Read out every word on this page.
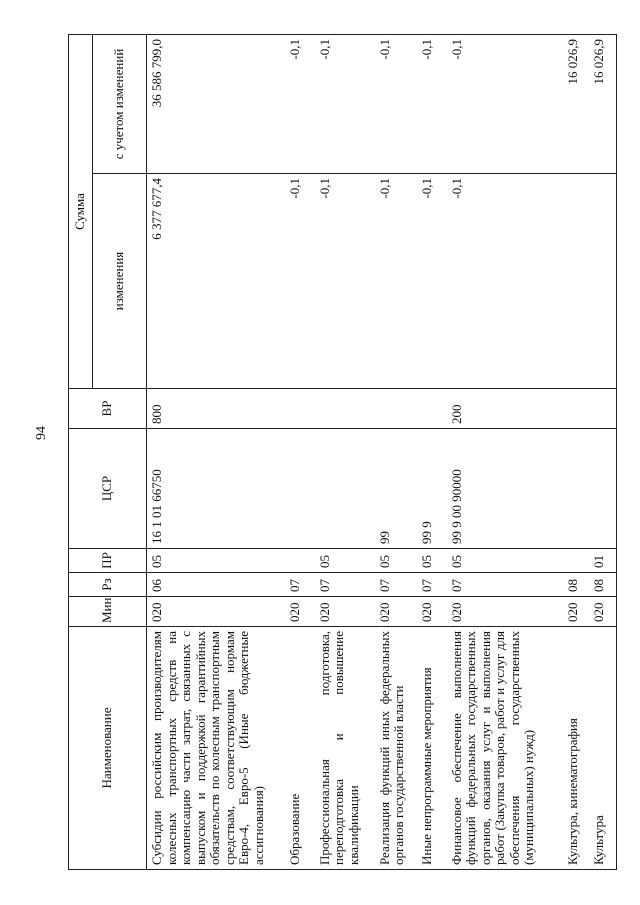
94
Наименование	Мин	Рз	ПР	ЦСР	ВР	Сумма	
						изменения	с учетом изменений
Субсидии российским производителям колесных транспортных средств на компенсацию части затрат, связанных с выпуском и поддержкой гарантийных обязательств по колесным транспортным средствам, соответствующим нормам Евро-4, Евро-5 (Иные бюджетные ассигнования)	020	06	05	16 1 01 66750	800	6 377 677,4	36 586 799,0
Образование	020	07				-0,1	-0,1
Профессиональная подготовка, переподготовка и повышение квалификации	020	07	05			-0,1	-0,1
Реализация функций иных федеральных органов государственной власти	020	07	05	99		-0,1	-0,1
Иные непрограммные мероприятия	020	07	05	99 9		-0,1	-0,1
Финансовое обеспечение выполнения функций федеральных государственных органов, оказания услуг и выполнения работ (Закупка товаров, работ и услуг для обеспечения государственных (муниципальных) нужд)	020	07	05	99 9 00 90000	200	-0,1	-0,1
Культура, кинематография	020	08					16 026,9
Культура	020	08	01				16 026,9
